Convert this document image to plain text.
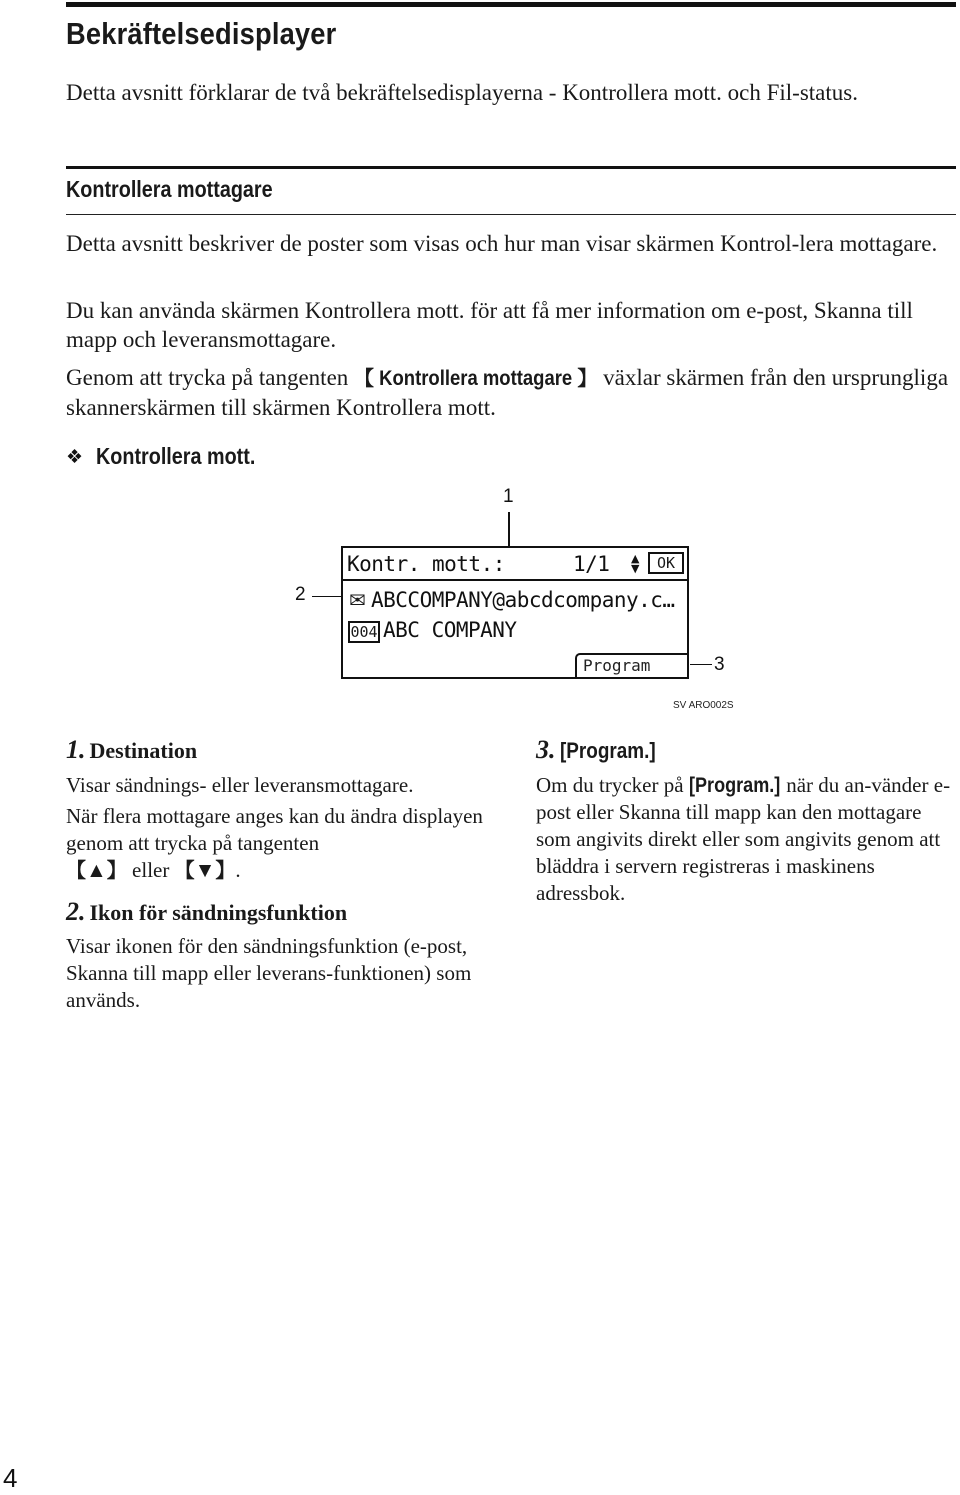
Bekräftelsedisplayer
Detta avsnitt förklarar de två bekräftelsedisplayerna - Kontrollera mott. och Fil-status.
Kontrollera mottagare
Detta avsnitt beskriver de poster som visas och hur man visar skärmen Kontrol-lera mottagare.
Du kan använda skärmen Kontrollera mott. för att få mer information om e-post, Skanna till mapp och leveransmottagare.
Genom att trycka på tangenten 【 Kontrollera mottagare 】 växlar skärmen från den ursprungliga skannerskärmen till skärmen Kontrollera mott.
❖ Kontrollera mott.
1
2
3
Kontr. mott.:	1/1 ▲
▼	OK
✉ ABCCOMPANY@abcdcompany.c…
004 ABC COMPANY
Program
SV ARO002S
1. Destination
Visar sändnings- eller leveransmottagare.
När flera mottagare anges kan du ändra displayen genom att trycka på tangenten
【▲】 eller 【▼】.
2. Ikon för sändningsfunktion
Visar ikonen för den sändningsfunktion (e-post, Skanna till mapp eller leverans-funktionen) som används.
3. [Program.]
Om du trycker på [Program.] när du an-vänder e-post eller Skanna till mapp kan den mottagare som angivits direkt eller som angivits genom att bläddra i servern registreras i maskinens adressbok.
4
